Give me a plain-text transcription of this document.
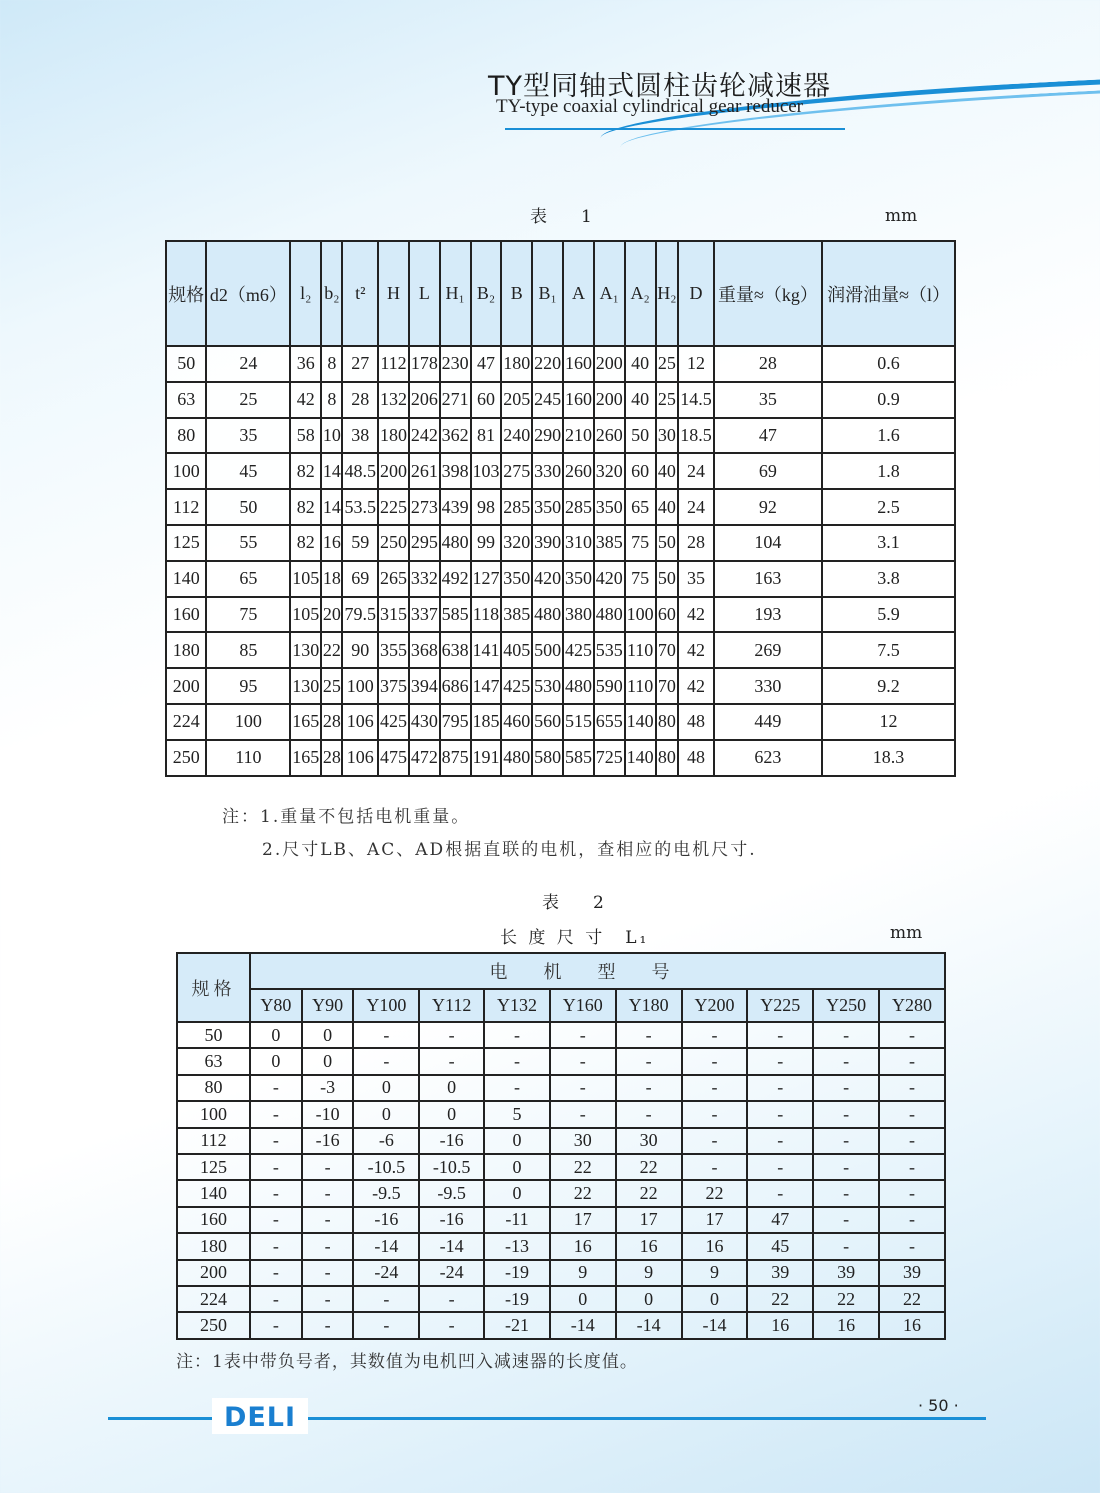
TY型同轴式圆柱齿轮减速器
TY-type coaxial cylindrical gear reducer
表　　1	mm
规格	d2（m6）	l₂	b₂	t²	H	L	H₁	B₂	B	B₁	A	A₁	A₂	H₂	D	重量≈（kg）	润滑油量≈（l）
50	24	36	8	27	112	178	230	47	180	220	160	200	40	25	12	28	0.6
63	25	42	8	28	132	206	271	60	205	245	160	200	40	25	14.5	35	0.9
80	35	58	10	38	180	242	362	81	240	290	210	260	50	30	18.5	47	1.6
100	45	82	14	48.5	200	261	398	103	275	330	260	320	60	40	24	69	1.8
112	50	82	14	53.5	225	273	439	98	285	350	285	350	65	40	24	92	2.5
125	55	82	16	59	250	295	480	99	320	390	310	385	75	50	28	104	3.1
140	65	105	18	69	265	332	492	127	350	420	350	420	75	50	35	163	3.8
160	75	105	20	79.5	315	337	585	118	385	480	380	480	100	60	42	193	5.9
180	85	130	22	90	355	368	638	141	405	500	425	535	110	70	42	269	7.5
200	95	130	25	100	375	394	686	147	425	530	480	590	110	70	42	330	9.2
224	100	165	28	106	425	430	795	185	460	560	515	655	140	80	48	449	12
250	110	165	28	106	475	472	875	191	480	580	585	725	140	80	48	623	18.3
注：1.重量不包括电机重量。
2.尺寸LB、AC、AD根据直联的电机，查相应的电机尺寸.
表　　2
长 度 尺 寸　L₁	mm
规格	电机型号										
	Y80	Y90	Y100	Y112	Y132	Y160	Y180	Y200	Y225	Y250	Y280
50	0	0	-	-	-	-	-	-	-	-	-
63	0	0	-	-	-	-	-	-	-	-	-
80	-	-3	0	0	-	-	-	-	-	-	-
100	-	-10	0	0	5	-	-	-	-	-	-
112	-	-16	-6	-16	0	30	30	-	-	-	-
125	-	-	-10.5	-10.5	0	22	22	-	-	-	-
140	-	-	-9.5	-9.5	0	22	22	22	-	-	-
160	-	-	-16	-16	-11	17	17	17	47	-	-
180	-	-	-14	-14	-13	16	16	16	45	-	-
200	-	-	-24	-24	-19	9	9	9	39	39	39
224	-	-	-	-	-19	0	0	0	22	22	22
250	-	-	-	-	-21	-14	-14	-14	16	16	16
注：1表中带负号者，其数值为电机凹入减速器的长度值。
DELI	· 50 ·
